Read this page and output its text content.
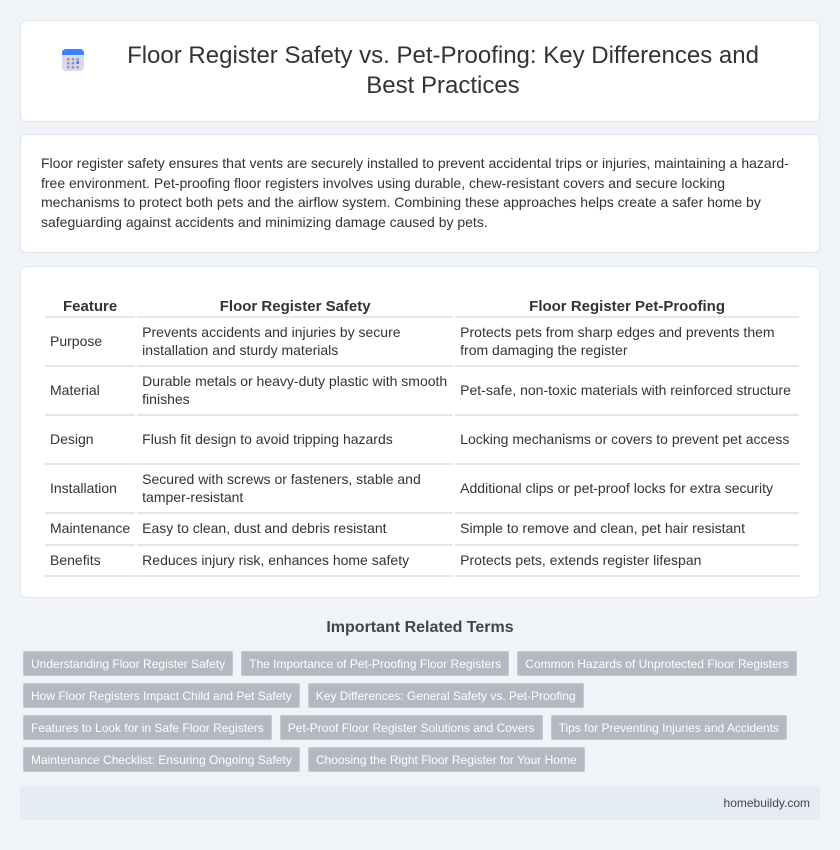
Floor Register Safety vs. Pet-Proofing: Key Differences and Best Practices

Floor register safety ensures that vents are securely installed to prevent accidental trips or injuries, maintaining a hazard-free environment. Pet-proofing floor registers involves using durable, chew-resistant covers and secure locking mechanisms to protect both pets and the airflow system. Combining these approaches helps create a safer home by safeguarding against accidents and minimizing damage caused by pets.

Feature	Floor Register Safety	Floor Register Pet-Proofing
Purpose	Prevents accidents and injuries by secure installation and sturdy materials	Protects pets from sharp edges and prevents them from damaging the register
Material	Durable metals or heavy-duty plastic with smooth finishes	Pet-safe, non-toxic materials with reinforced structure
Design	Flush fit design to avoid tripping hazards	Locking mechanisms or covers to prevent pet access
Installation	Secured with screws or fasteners, stable and tamper-resistant	Additional clips or pet-proof locks for extra security
Maintenance	Easy to clean, dust and debris resistant	Simple to remove and clean, pet hair resistant
Benefits	Reduces injury risk, enhances home safety	Protects pets, extends register lifespan
Important Related Terms
Understanding Floor Register Safety	The Importance of Pet-Proofing Floor Registers	Common Hazards of Unprotected Floor Registers
How Floor Registers Impact Child and Pet Safety	Key Differences: General Safety vs. Pet-Proofing
Features to Look for in Safe Floor Registers	Pet-Proof Floor Register Solutions and Covers	Tips for Preventing Injuries and Accidents
Maintenance Checklist: Ensuring Ongoing Safety	Choosing the Right Floor Register for Your Home
homebuildy.com
